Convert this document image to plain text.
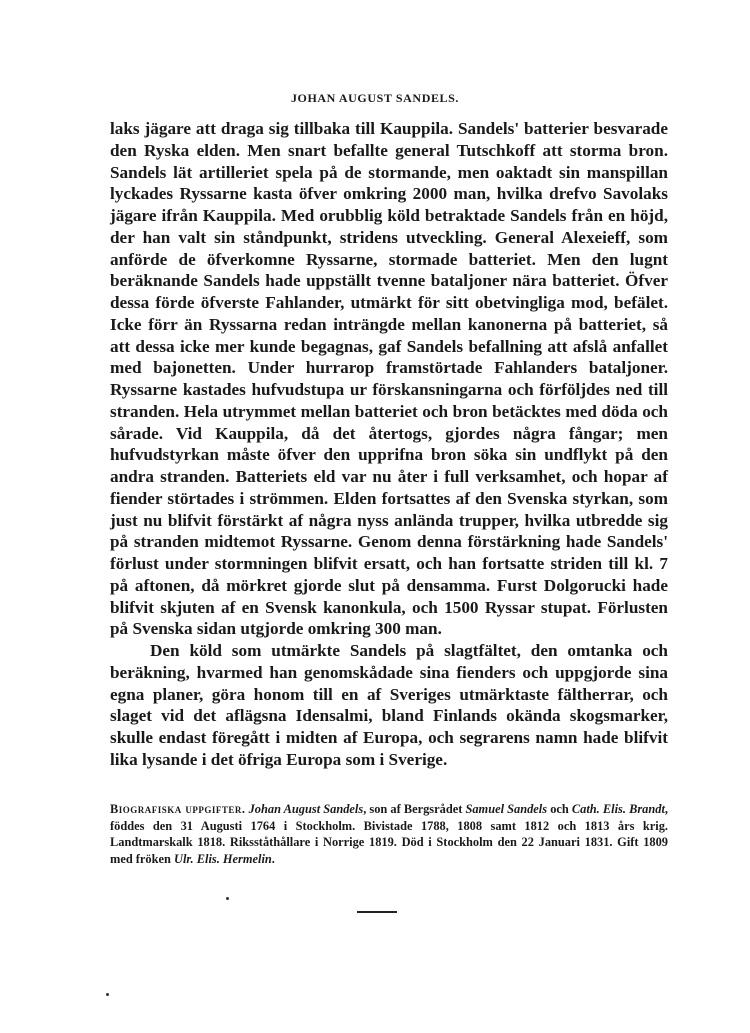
JOHAN AUGUST SANDELS.

laks jägare att draga sig tillbaka till Kauppila. Sandels' batterier besvarade den Ryska elden. Men snart befallte general Tutschkoff att storma bron. Sandels lät artilleriet spela på de stormande, men oaktadt sin manspillan lyckades Ryssarne kasta öfver omkring 2000 man, hvilka drefvo Savolaks jägare ifrån Kauppila. Med orubblig köld betraktade Sandels från en höjd, der han valt sin ståndpunkt, stridens utveckling. General Alexeieff, som anförde de öfverkomne Ryssarne, stormade batteriet. Men den lugnt beräknande Sandels hade uppställt tvenne bataljoner nära batteriet. Öfver dessa förde öfverste Fahlander, utmärkt för sitt obetvingliga mod, befälet. Icke förr än Ryssarna redan inträngde mellan kanonerna på batteriet, så att dessa icke mer kunde begagnas, gaf Sandels befallning att afslå anfallet med bajonetten. Under hurrarop framstörtade Fahlanders bataljoner. Ryssarne kastades hufvudstupa ur förskansningarna och förföljdes ned till stranden. Hela utrymmet mellan batteriet och bron betäcktes med döda och sårade. Vid Kauppila, då det återtogs, gjordes några fångar; men hufvudstyrkan måste öfver den upprifna bron söka sin undflykt på den andra stranden. Batteriets eld var nu åter i full verksamhet, och hopar af fiender störtades i strömmen. Elden fortsattes af den Svenska styrkan, som just nu blifvit förstärkt af några nyss anlända trupper, hvilka utbredde sig på stranden midtemot Ryssarne. Genom denna förstärkning hade Sandels' förlust under stormningen blifvit ersatt, och han fortsatte striden till kl. 7 på aftonen, då mörkret gjorde slut på densamma. Furst Dolgorucki hade blifvit skjuten af en Svensk kanonkula, och 1500 Ryssar stupat. Förlusten på Svenska sidan utgjorde omkring 300 man.

Den köld som utmärkte Sandels på slagtfältet, den omtanka och beräkning, hvarmed han genomskådade sina fienders och uppgjorde sina egna planer, göra honom till en af Sveriges utmärktaste fältherrar, och slaget vid det aflägsna Idensalmi, bland Finlands okända skogsmarker, skulle endast föregått i midten af Europa, och segrarens namn hade blifvit lika lysande i det öfriga Europa som i Sverige.

Biografiska uppgifter. Johan August Sandels, son af Bergsrådet Samuel Sandels och Cath. Elis. Brandt, föddes den 31 Augusti 1764 i Stockholm. Bivistade 1788, 1808 samt 1812 och 1813 års krig. Landtmarskalk 1818. Riksståthållare i Norrige 1819. Död i Stockholm den 22 Januari 1831. Gift 1809 med fröken Ulr. Elis. Hermelin.
